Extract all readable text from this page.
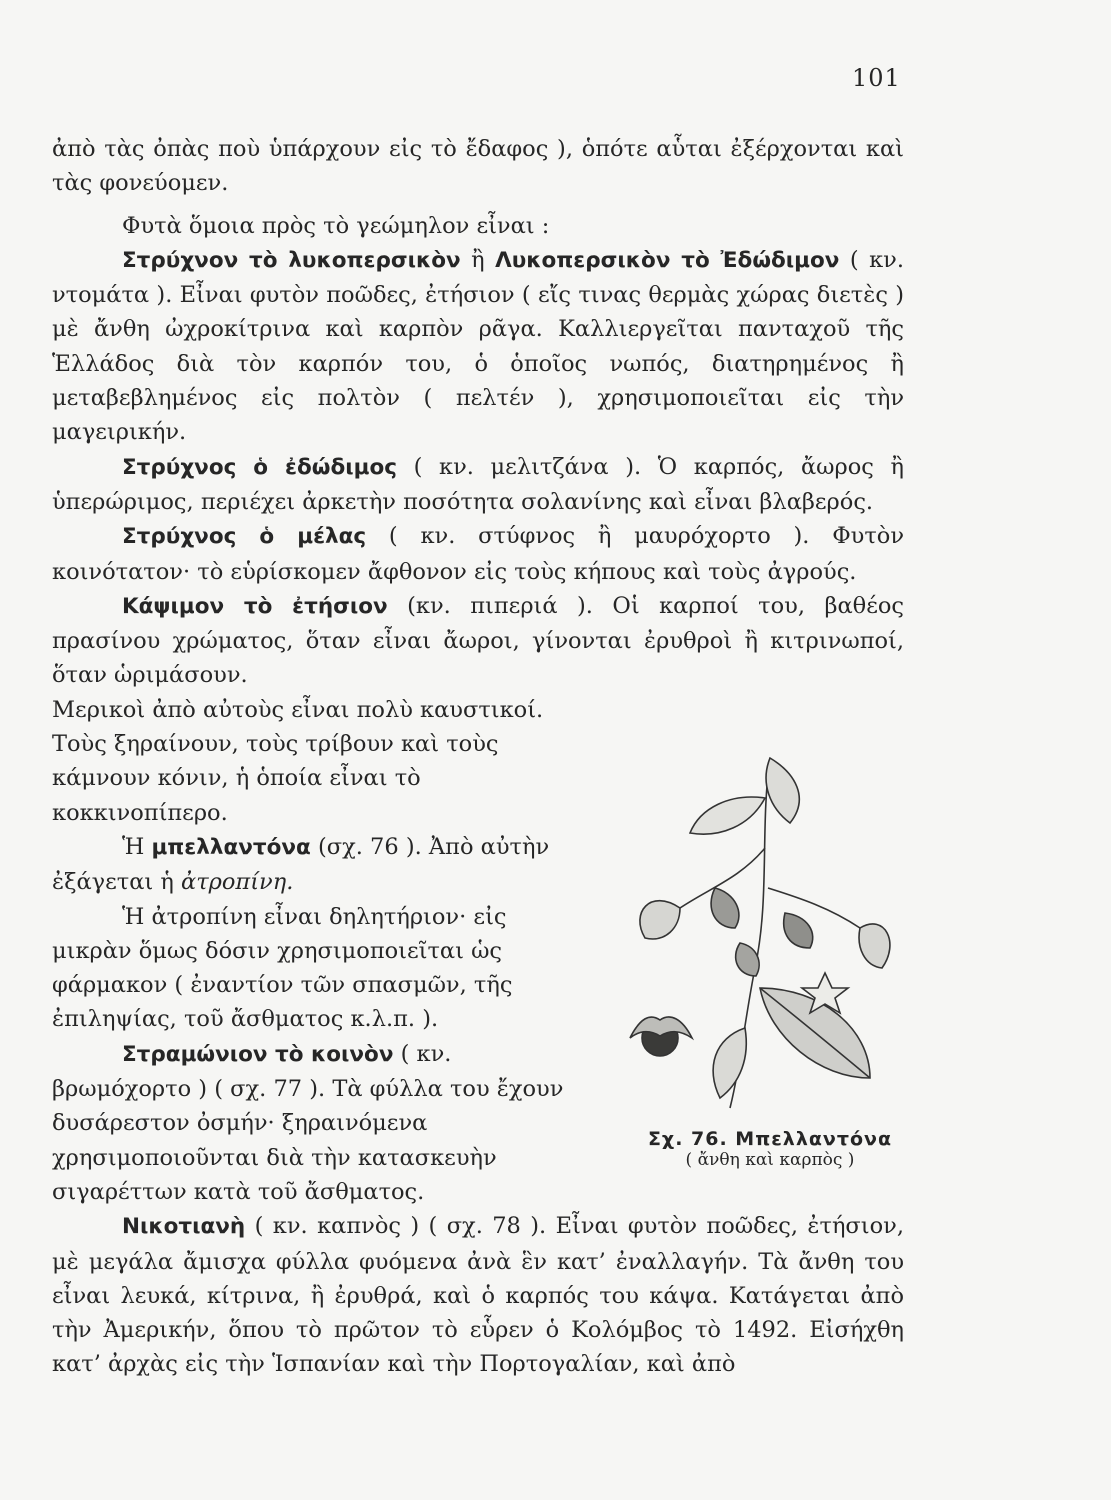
101

ἀπὸ τὰς ὀπὰς ποὺ ὑπάρχουν εἰς τὸ ἔδαφος ), ὁπότε αὗται ἐξέρχονται καὶ τὰς φονεύομεν.

Φυτὰ ὅμοια πρὸς τὸ γεώμηλον εἶναι :

Στρύχνον τὸ λυκοπερσικὸν ἢ Λυκοπερσικὸν τὸ Ἐδώδιμον ( κν. ντομάτα ). Εἶναι φυτὸν ποῶδες, ἐτήσιον ( εἴς τινας θερμὰς χώρας διετὲς ) μὲ ἄνθη ὠχροκίτρινα καὶ καρπὸν ρᾶγα. Καλλιεργεῖται πανταχοῦ τῆς Ἑλλάδος διὰ τὸν καρπόν του, ὁ ὁποῖος νωπός, διατηρημένος ἢ μεταβεβλημένος εἰς πολτὸν ( πελτέν ), χρησιμοποιεῖται εἰς τὴν μαγειρικήν.

Στρύχνος ὁ ἐδώδιμος ( κν. μελιτζάνα ). Ὁ καρπός, ἄωρος ἢ ὑπερώριμος, περιέχει ἀρκετὴν ποσότητα σολανίνης καὶ εἶναι βλαβερός.

Στρύχνος ὁ μέλας ( κν. στύφνος ἢ μαυρόχορτο ). Φυτὸν κοινότατον· τὸ εὑρίσκομεν ἄφθονον εἰς τοὺς κήπους καὶ τοὺς ἀγρούς.

Κάψιμον τὸ ἐτήσιον (κν. πιπεριά ). Οἱ καρποί του, βαθέος πρασίνου χρώματος, ὅταν εἶναι ἄωροι, γίνονται ἐρυθροὶ ἢ κιτρινωποί, ὅταν ὡριμάσουν.

Μερικοὶ ἀπὸ αὐτοὺς εἶναι πολὺ καυστικοί. Τοὺς ξηραίνουν, τοὺς τρίβουν καὶ τοὺς κάμνουν κόνιν, ἡ ὁποία εἶναι τὸ κοκκινοπίπερο.

Ἡ μπελλαντόνα (σχ. 76 ). Ἀπὸ αὐτὴν ἐξάγεται ἡ ἀτροπίνη.

Ἡ ἀτροπίνη εἶναι δηλητήριον· εἰς μικρὰν ὅμως δόσιν χρησιμοποιεῖται ὡς φάρμακον ( ἐναντίον τῶν σπασμῶν, τῆς ἐπιληψίας, τοῦ ἄσθματος κ.λ.π. ).

Στραμώνιον τὸ κοινὸν ( κν. βρωμόχορτο ) ( σχ. 77 ). Τὰ φύλλα του ἔχουν δυσάρεστον ὀσμήν· ξηραινόμενα χρησιμοποιοῦνται διὰ τὴν κατασκευὴν σιγαρέττων κατὰ τοῦ ἄσθματος.

Νικοτιανὴ ( κν. καπνὸς ) ( σχ. 78 ). Εἶναι φυτὸν ποῶδες, ἐτήσιον, μὲ μεγάλα ἄμισχα φύλλα φυόμενα ἀνὰ ἓν κατ’ ἐναλλαγήν. Τὰ ἄνθη του εἶναι λευκά, κίτρινα, ἢ ἐρυθρά, καὶ ὁ καρπός του κάψα. Κατάγεται ἀπὸ τὴν Ἀμερικήν, ὅπου τὸ πρῶτον τὸ εὗρεν ὁ Κολόμβος τὸ 1492. Εἰσήχθη κατ’ ἀρχὰς εἰς τὴν Ἱσπανίαν καὶ τὴν Πορτογαλίαν, καὶ ἀπὸ

Σχ. 76. Μπελλαντόνα
( ἄνθη καὶ καρπὸς )
